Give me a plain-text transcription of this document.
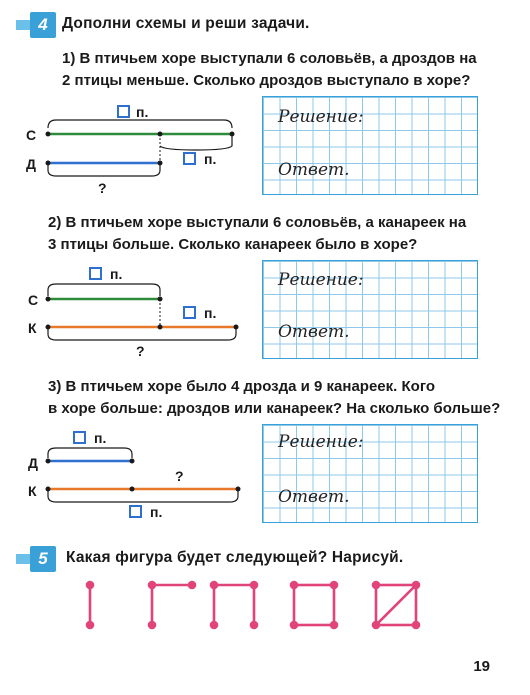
4 Дополни схемы и реши задачи.
1) В птичьем хоре выступали 6 соловьёв, а дроздов на
2 птицы меньше. Сколько дроздов выступало в хоре?
2) В птичьем хоре выступали 6 соловьёв, а канареек на
3 птицы больше. Сколько канареек было в хоре?
3) В птичьем хоре было 4 дрозда и 9 канареек. Кого
в хоре больше: дроздов или канареек? На сколько больше?
Решение:
Ответ.
Решение:
Ответ.
Решение:
Ответ.
п.
С
п.
Д
?
п.
С
п.
К
?
п.
Д
?
К
п.
5	Какая фигура будет следующей? Нарисуй.
19
